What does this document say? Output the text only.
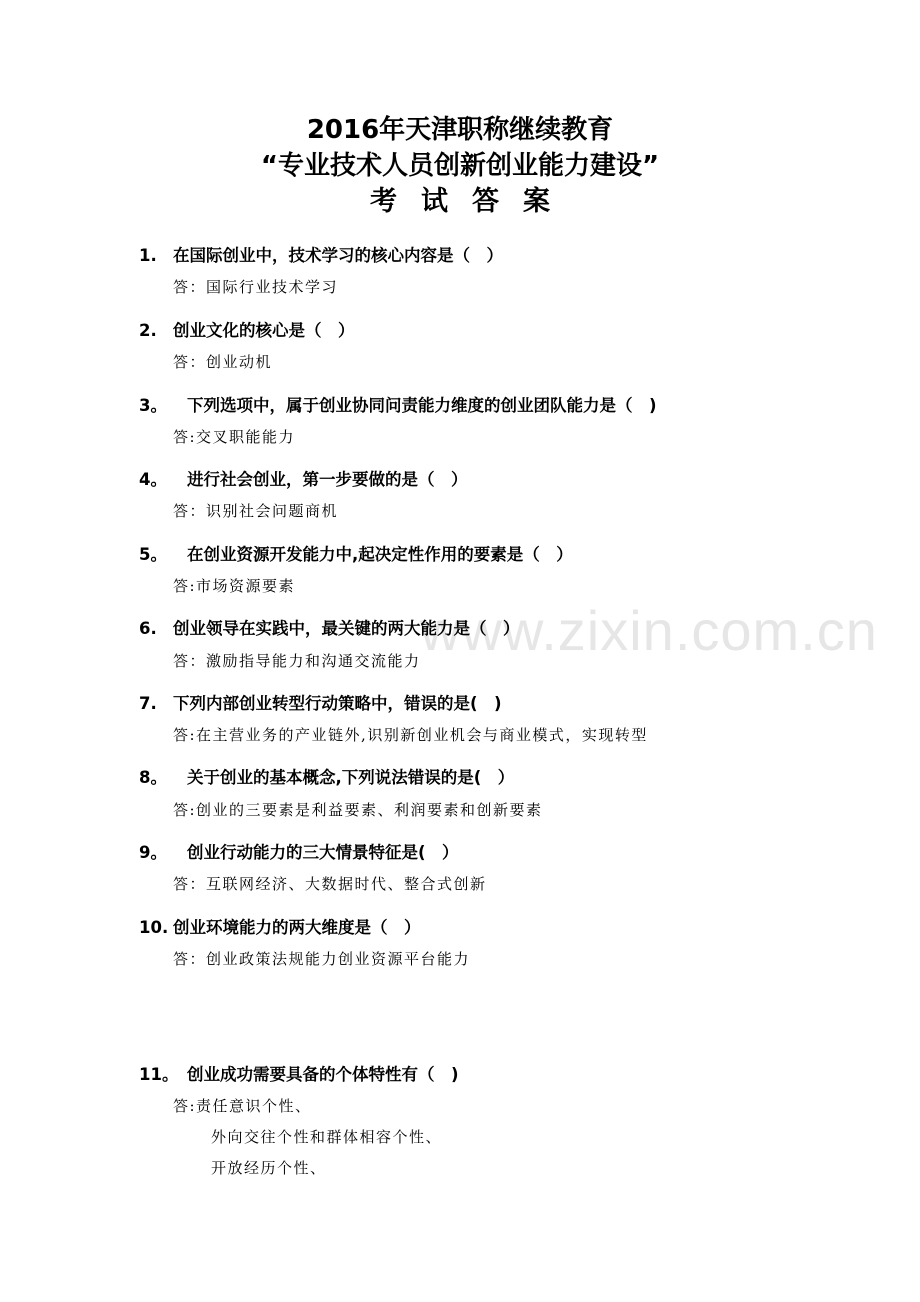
2016年天津职称继续教育
“专业技术人员创新创业能力建设”
考试答案
www.zixin.com.cn
1. 在国际创业中，技术学习的核心内容是（　）
答：国际行业技术学习
2. 创业文化的核心是（　）
答：创业动机
3。 下列选项中，属于创业协同问责能力维度的创业团队能力是（　)
答:交叉职能能力
4。 进行社会创业，第一步要做的是（　）
答：识别社会问题商机
5。 在创业资源开发能力中,起决定性作用的要素是（　）
答:市场资源要素
6. 创业领导在实践中，最关键的两大能力是（　）
答：激励指导能力和沟通交流能力
7. 下列内部创业转型行动策略中，错误的是(　)
答:在主营业务的产业链外,识别新创业机会与商业模式，实现转型
8。 关于创业的基本概念,下列说法错误的是(　）
答:创业的三要素是利益要素、利润要素和创新要素
9。 创业行动能力的三大情景特征是(　）
答：互联网经济、大数据时代、整合式创新
10. 创业环境能力的两大维度是（　）
答：创业政策法规能力创业资源平台能力
11。 创业成功需要具备的个体特性有（　)
答:责任意识个性、
外向交往个性和群体相容个性、
开放经历个性、
